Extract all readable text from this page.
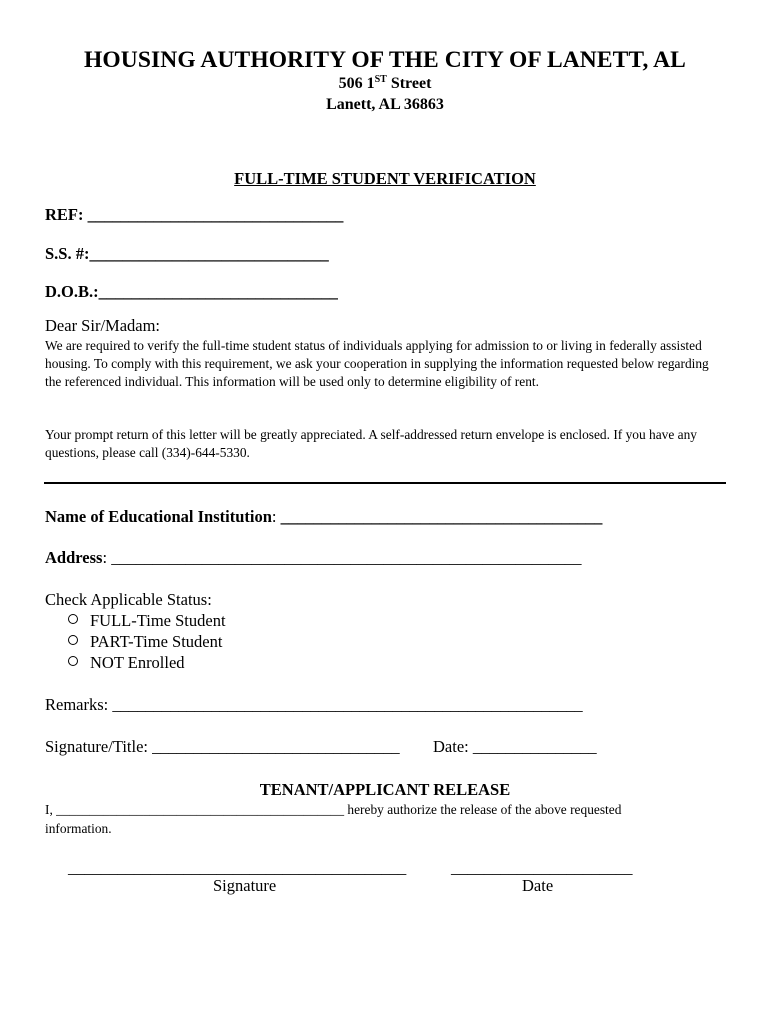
HOUSING AUTHORITY OF THE CITY OF LANETT, AL
506 1ST Street
Lanett, AL 36863
FULL-TIME STUDENT VERIFICATION
REF: _______________________________
S.S. #:_____________________________
D.O.B.:_____________________________
Dear Sir/Madam:
We are required to verify the full-time student status of individuals applying for admission to or living in federally assisted housing. To comply with this requirement, we ask your cooperation in supplying the information requested below regarding the referenced individual. This information will be used only to determine eligibility of rent.
Your prompt return of this letter will be greatly appreciated. A self-addressed return envelope is enclosed. If you have any questions, please call (334)-644-5330.
Name of Educational Institution: _______________________________________
Address: _________________________________________________________
Check Applicable Status:
FULL-Time Student
PART-Time Student
NOT Enrolled
Remarks: _________________________________________________________
Signature/Title: ______________________________ Date: _______________
TENANT/APPLICANT RELEASE
I, ___________________________________________ hereby authorize the release of the above requested
information.
_________________________________________	______________________
Signature	Date
